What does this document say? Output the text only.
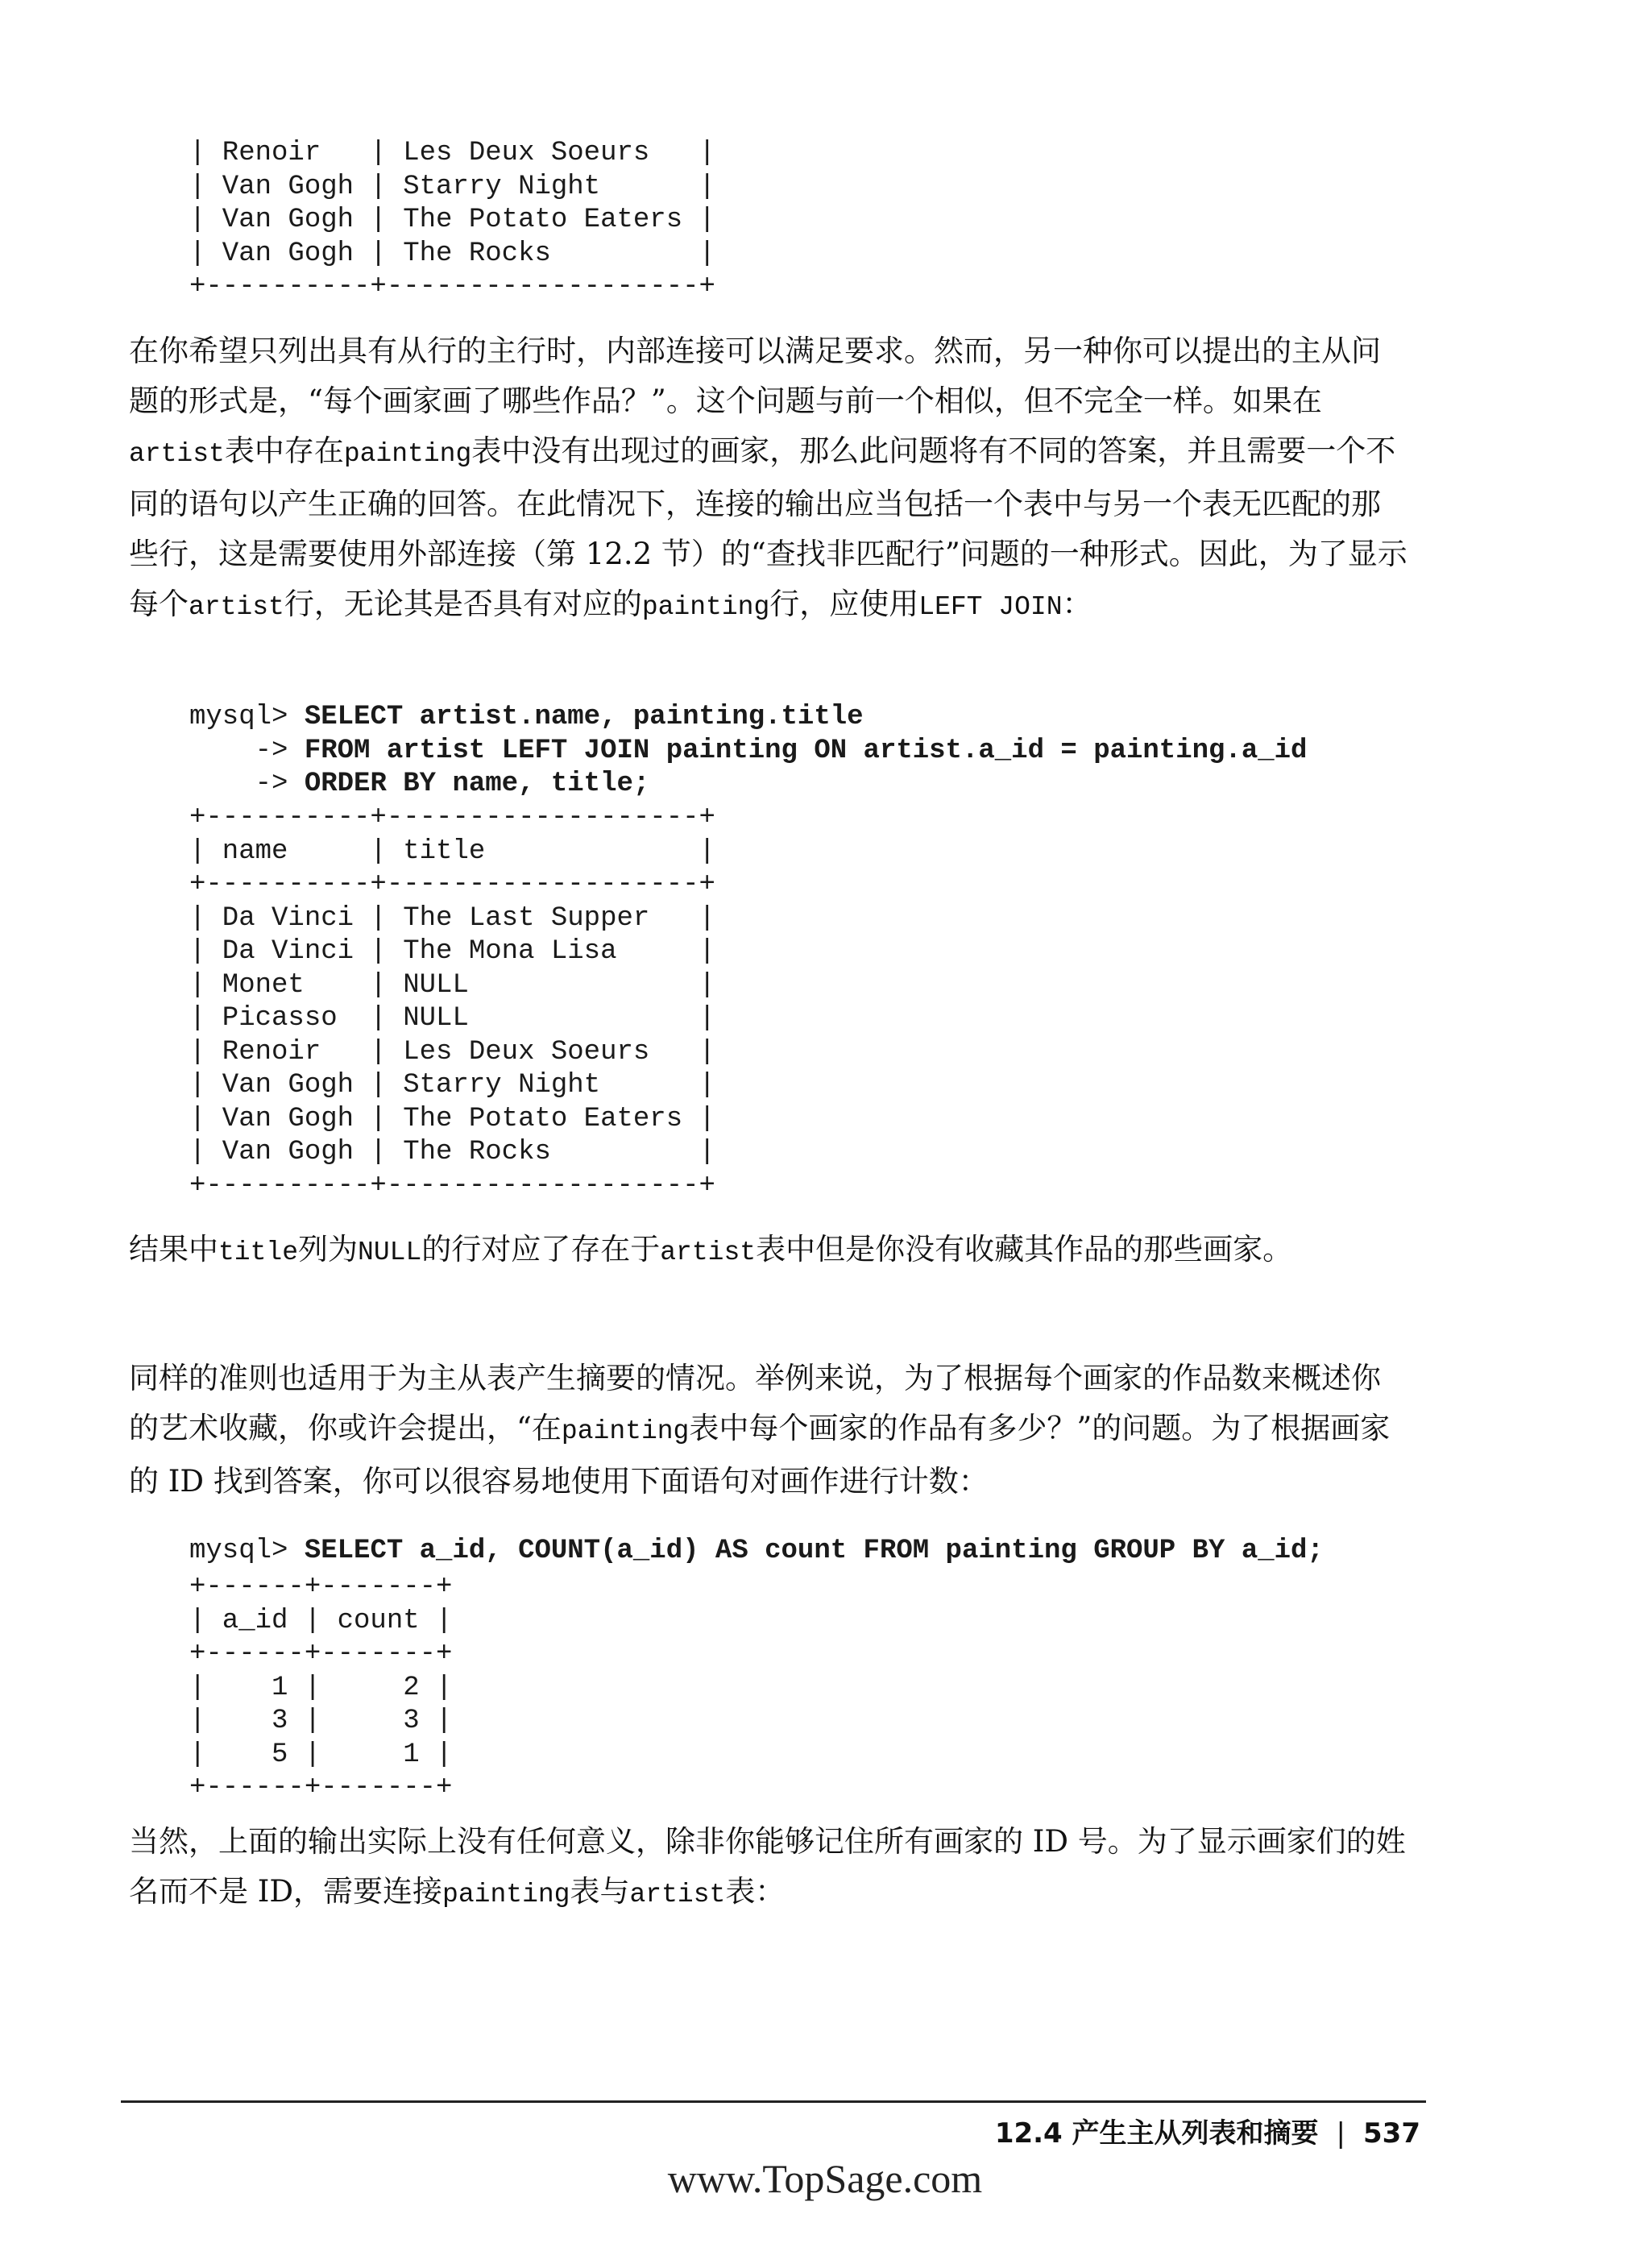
| Renoir   | Les Deux Soeurs   |
| Van Gogh | Starry Night      |
| Van Gogh | The Potato Eaters |
| Van Gogh | The Rocks         |
+----------+-------------------+

在你希望只列出具有从行的主行时，内部连接可以满足要求。然而，另一种你可以提出的主从问题的形式是，“每个画家画了哪些作品？”。这个问题与前一个相似，但不完全一样。如果在artist表中存在painting表中没有出现过的画家，那么此问题将有不同的答案，并且需要一个不同的语句以产生正确的回答。在此情况下，连接的输出应当包括一个表中与另一个表无匹配的那些行，这是需要使用外部连接（第 12.2 节）的“查找非匹配行”问题的一种形式。因此，为了显示每个artist行，无论其是否具有对应的painting行，应使用LEFT JOIN：

mysql> SELECT artist.name, painting.title
-> FROM artist LEFT JOIN painting ON artist.a_id = painting.a_id
-> ORDER BY name, title;
+----------+-------------------+
| name     | title             |
+----------+-------------------+
| Da Vinci | The Last Supper   |
| Da Vinci | The Mona Lisa     |
| Monet    | NULL              |
| Picasso  | NULL              |
| Renoir   | Les Deux Soeurs   |
| Van Gogh | Starry Night      |
| Van Gogh | The Potato Eaters |
| Van Gogh | The Rocks         |
+----------+-------------------+

结果中title列为NULL的行对应了存在于artist表中但是你没有收藏其作品的那些画家。

同样的准则也适用于为主从表产生摘要的情况。举例来说，为了根据每个画家的作品数来概述你的艺术收藏，你或许会提出，“在painting表中每个画家的作品有多少？”的问题。为了根据画家的 ID 找到答案，你可以很容易地使用下面语句对画作进行计数：

mysql> SELECT a_id, COUNT(a_id) AS count FROM painting GROUP BY a_id;
+------+-------+
| a_id | count |
+------+-------+
|    1 |     2 |
|    3 |     3 |
|    5 |     1 |
+------+-------+

当然，上面的输出实际上没有任何意义，除非你能够记住所有画家的 ID 号。为了显示画家们的姓名而不是 ID，需要连接painting表与artist表：

12.4 产生主从列表和摘要 | 537
www.TopSage.com
